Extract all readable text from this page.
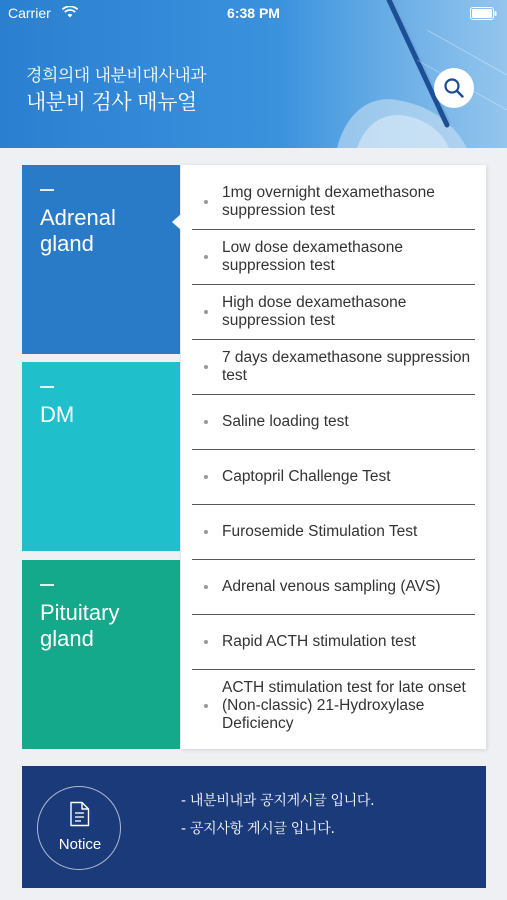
경희의대 내분비대사내과
내분비 검사 매뉴얼
Carrier	6:38 PM
Adrenal gland
DM
Pituitary gland
1mg overnight dexamethasone suppression test
Low dose dexamethasone suppression test
High dose dexamethasone suppression test
7 days dexamethasone suppression test
Saline loading test
Captopril Challenge Test
Furosemide Stimulation Test
Adrenal venous sampling (AVS)
Rapid ACTH stimulation test
ACTH stimulation test for late onset (Non-classic) 21-Hydroxylase Deficiency
Notice
- 내분비내과 공지게시글 입니다.
- 공지사항 게시글 입니다.
